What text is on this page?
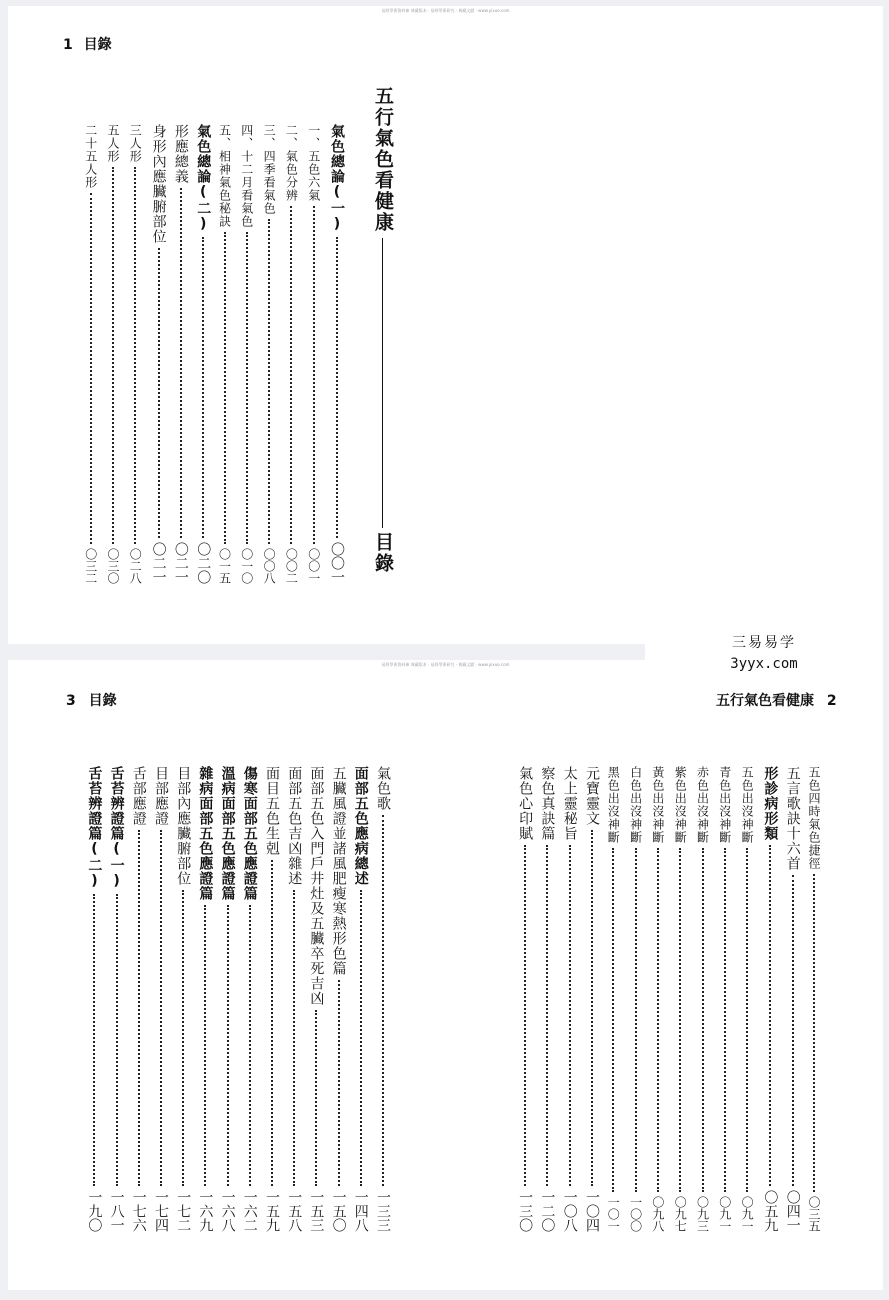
易經學術資料庫 典藏版本 · 易經學術研究 · 典藏文獻 · www.yixue.com
1 目錄
五行氣色看健康
目錄
氣色總論(一)
〇〇一
一、五色六氣
〇〇一
二、氣色分辨
〇〇二
三、四季看氣色
〇〇八
四、十二月看氣色
〇一〇
五、相神氣色秘訣
〇一五
氣色總論(二)
〇二〇
形應總義
〇二一
身形內應臟腑部位
〇二一
三人形
〇二八
五人形
〇三〇
二十五人形
〇三二
易經學術資料庫 典藏版本 · 易經學術研究 · 典藏文獻 · www.yixue.com
3 目錄	五行氣色看健康 2
氣色歌
一三三
面部五色應病總述
一四八
五臟風證並諸風肥瘦寒熱形色篇
一五〇
面部五色入門戶井灶及五臟卒死吉凶
一五三
面部五色吉凶雜述
一五八
面目五色生剋
一五九
傷寒面部五色應證篇
一六二
溫病面部五色應證篇
一六八
雜病面部五色應證篇
一六九
目部內應臟腑部位
一七二
目部應證
一七四
舌部應證
一七六
舌苔辨證篇(一)
一八一
舌苔辨證篇(二)
一九〇
五色四時氣色捷徑
〇三五
五言歌訣十六首
〇四一
形診病形類
〇五九
五色出沒神斷
〇九一
青色出沒神斷
〇九一
赤色出沒神斷
〇九三
紫色出沒神斷
〇九七
黃色出沒神斷
〇九八
白色出沒神斷
一〇〇
黑色出沒神斷
一〇一
元寶靈文
一〇四
太上靈秘旨
一〇八
察色真訣篇
一二〇
氣色心印賦
一三〇
三易易学
3yyx.com
